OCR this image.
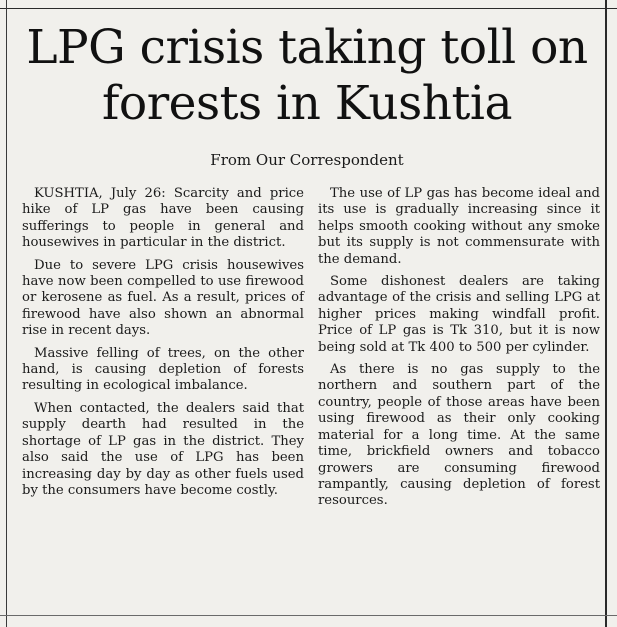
LPG crisis taking toll on forests in Kushtia
From Our Correspondent

KUSHTIA, July 26: Scarcity and price hike of LP gas have been causing sufferings to people in general and housewives in particular in the district.

Due to severe LPG crisis housewives have now been compelled to use firewood or kerosene as fuel. As a result, prices of firewood have also shown an abnormal rise in recent days.

Massive felling of trees, on the other hand, is causing depletion of forests resulting in ecological imbalance.

When contacted, the dealers said that supply dearth had resulted in the shortage of LP gas in the district. They also said the use of LPG has been increasing day by day as other fuels used by the consumers have become costly.

The use of LP gas has become ideal and its use is gradually increasing since it helps smooth cooking without any smoke but its supply is not commensurate with the demand.

Some dishonest dealers are taking advantage of the crisis and selling LPG at higher prices making windfall profit. Price of LP gas is Tk 310, but it is now being sold at Tk 400 to 500 per cylinder.

As there is no gas supply to the northern and southern part of the country, people of those areas have been using firewood as their only cooking material for a long time. At the same time, brickfield owners and tobacco growers are consuming firewood rampantly, causing depletion of forest resources.
